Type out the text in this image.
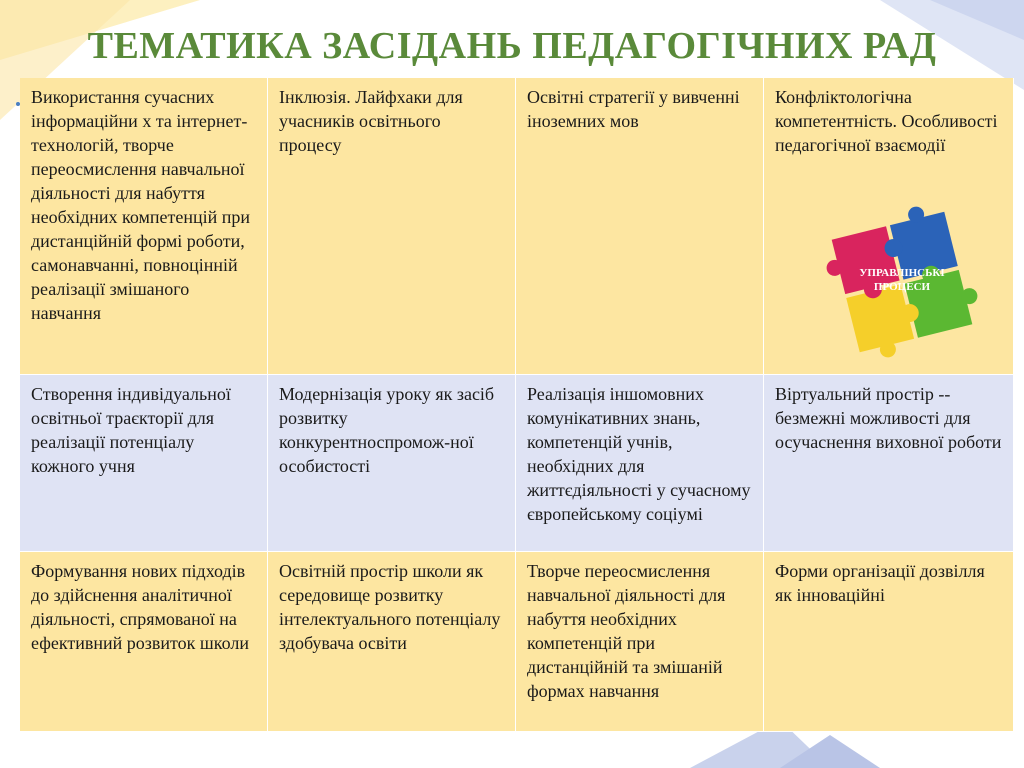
ТЕМАТИКА ЗАСІДАНЬ ПЕДАГОГІЧНИХ РАД
Використання сучасних інформаційни х та інтернет-технологій, творче переосмислення навчальної діяльності для набуття необхідних компетенцій при дистанційній формі роботи, самонавчанні, повноцінній реалізації змішаного навчання
Інклюзія. Лайфхаки для учасників освітнього процесу
Освітні стратегії у вивченні іноземних мов
Конфліктологічна компетентність. Особливості педагогічної взаємодії
УПРАВЛІНСЬКІ
ПРОЦЕСИ
Створення індивідуальної освітньої траєкторії для реалізації потенціалу кожного учня
Модернізація уроку як засіб розвитку конкурентноспромож-ної особистості
Реалізація іншомовних комунікативних знань, компетенцій учнів, необхідних для життєдіяльності у сучасному європейському соціумі
Віртуальний простір -- безмежні можливості для осучаснення виховної роботи
Формування нових підходів до здійснення аналітичної діяльності, спрямованої на ефективний розвиток школи
Освітній простір школи як середовище розвитку інтелектуального потенціалу здобувача освіти
Творче переосмислення навчальної діяльності для набуття необхідних компетенцій при дистанційній та змішаній формах навчання
Форми організації дозвілля як інноваційні
